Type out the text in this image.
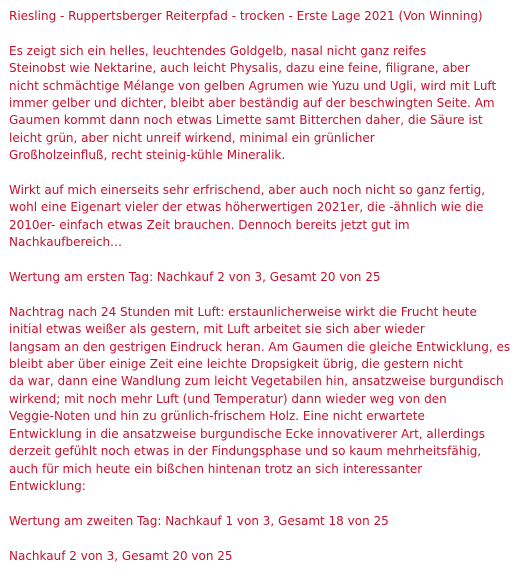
Riesling - Ruppertsberger Reiterpfad - trocken - Erste Lage 2021 (Von Winning)

Es zeigt sich ein helles, leuchtendes Goldgelb, nasal nicht ganz reifes
Steinobst wie Nektarine, auch leicht Physalis, dazu eine feine, filigrane, aber
nicht schmächtige Mélange von gelben Agrumen wie Yuzu und Ugli, wird mit Luft
immer gelber und dichter, bleibt aber beständig auf der beschwingten Seite. Am
Gaumen kommt dann noch etwas Limette samt Bitterchen daher, die Säure ist
leicht grün, aber nicht unreif wirkend, minimal ein grünlicher
Großholzeinfluß, recht steinig-kühle Mineralik.

Wirkt auf mich einerseits sehr erfrischend, aber auch noch nicht so ganz fertig,
wohl eine Eigenart vieler der etwas höherwertigen 2021er, die -ähnlich wie die
2010er- einfach etwas Zeit brauchen. Dennoch bereits jetzt gut im
Nachkaufbereich…

Wertung am ersten Tag: Nachkauf 2 von 3, Gesamt 20 von 25

Nachtrag nach 24 Stunden mit Luft: erstaunlicherweise wirkt die Frucht heute
initial etwas weißer als gestern, mit Luft arbeitet sie sich aber wieder
langsam an den gestrigen Eindruck heran. Am Gaumen die gleiche Entwicklung, es
bleibt aber über einige Zeit eine leichte Dropsigkeit übrig, die gestern nicht
da war, dann eine Wandlung zum leicht Vegetabilen hin, ansatzweise burgundisch
wirkend; mit noch mehr Luft (und Temperatur) dann wieder weg von den
Veggie-Noten und hin zu grünlich-frischem Holz. Eine nicht erwartete
Entwicklung in die ansatzweise burgundische Ecke innovativerer Art, allerdings
derzeit gefühlt noch etwas in der Findungsphase und so kaum mehrheitsfähig,
auch für mich heute ein bißchen hintenan trotz an sich interessanter
Entwicklung:

Wertung am zweiten Tag: Nachkauf 1 von 3, Gesamt 18 von 25

Nachkauf 2 von 3, Gesamt 20 von 25
